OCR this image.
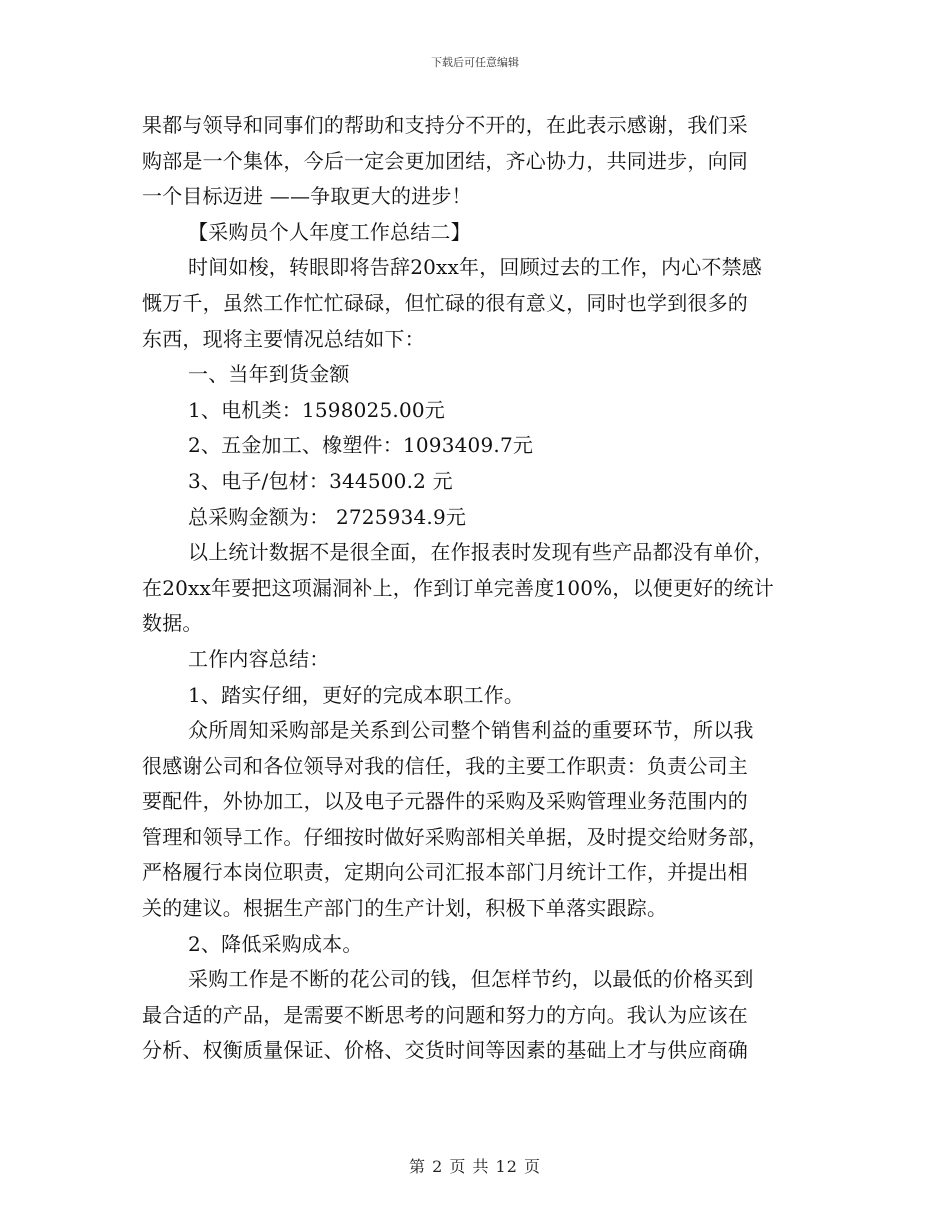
下载后可任意编辑
果都与领导和同事们的帮助和支持分不开的，在此表示感谢，我们采
购部是一个集体，今后一定会更加团结，齐心协力，共同进步，向同
一个目标迈进 ——争取更大的进步！
【采购员个人年度工作总结二】
时间如梭，转眼即将告辞20xx年，回顾过去的工作，内心不禁感
慨万千，虽然工作忙忙碌碌，但忙碌的很有意义，同时也学到很多的
东西，现将主要情况总结如下：
一、当年到货金额
1、电机类：1598025.00元
2、五金加工、橡塑件：1093409.7元
3、电子/包材：344500.2 元
总采购金额为： 2725934.9元
以上统计数据不是很全面，在作报表时发现有些产品都没有单价，
在20xx年要把这项漏洞补上，作到订单完善度100%，以便更好的统计
数据。
工作内容总结：
1、踏实仔细，更好的完成本职工作。
众所周知采购部是关系到公司整个销售利益的重要环节，所以我
很感谢公司和各位领导对我的信任，我的主要工作职责：负责公司主
要配件，外协加工，以及电子元器件的采购及采购管理业务范围内的
管理和领导工作。仔细按时做好采购部相关单据，及时提交给财务部，
严格履行本岗位职责，定期向公司汇报本部门月统计工作，并提出相
关的建议。根据生产部门的生产计划，积极下单落实跟踪。
2、降低采购成本。
采购工作是不断的花公司的钱，但怎样节约，以最低的价格买到
最合适的产品，是需要不断思考的问题和努力的方向。我认为应该在
分析、权衡质量保证、价格、交货时间等因素的基础上才与供应商确
第 2 页 共 12 页
